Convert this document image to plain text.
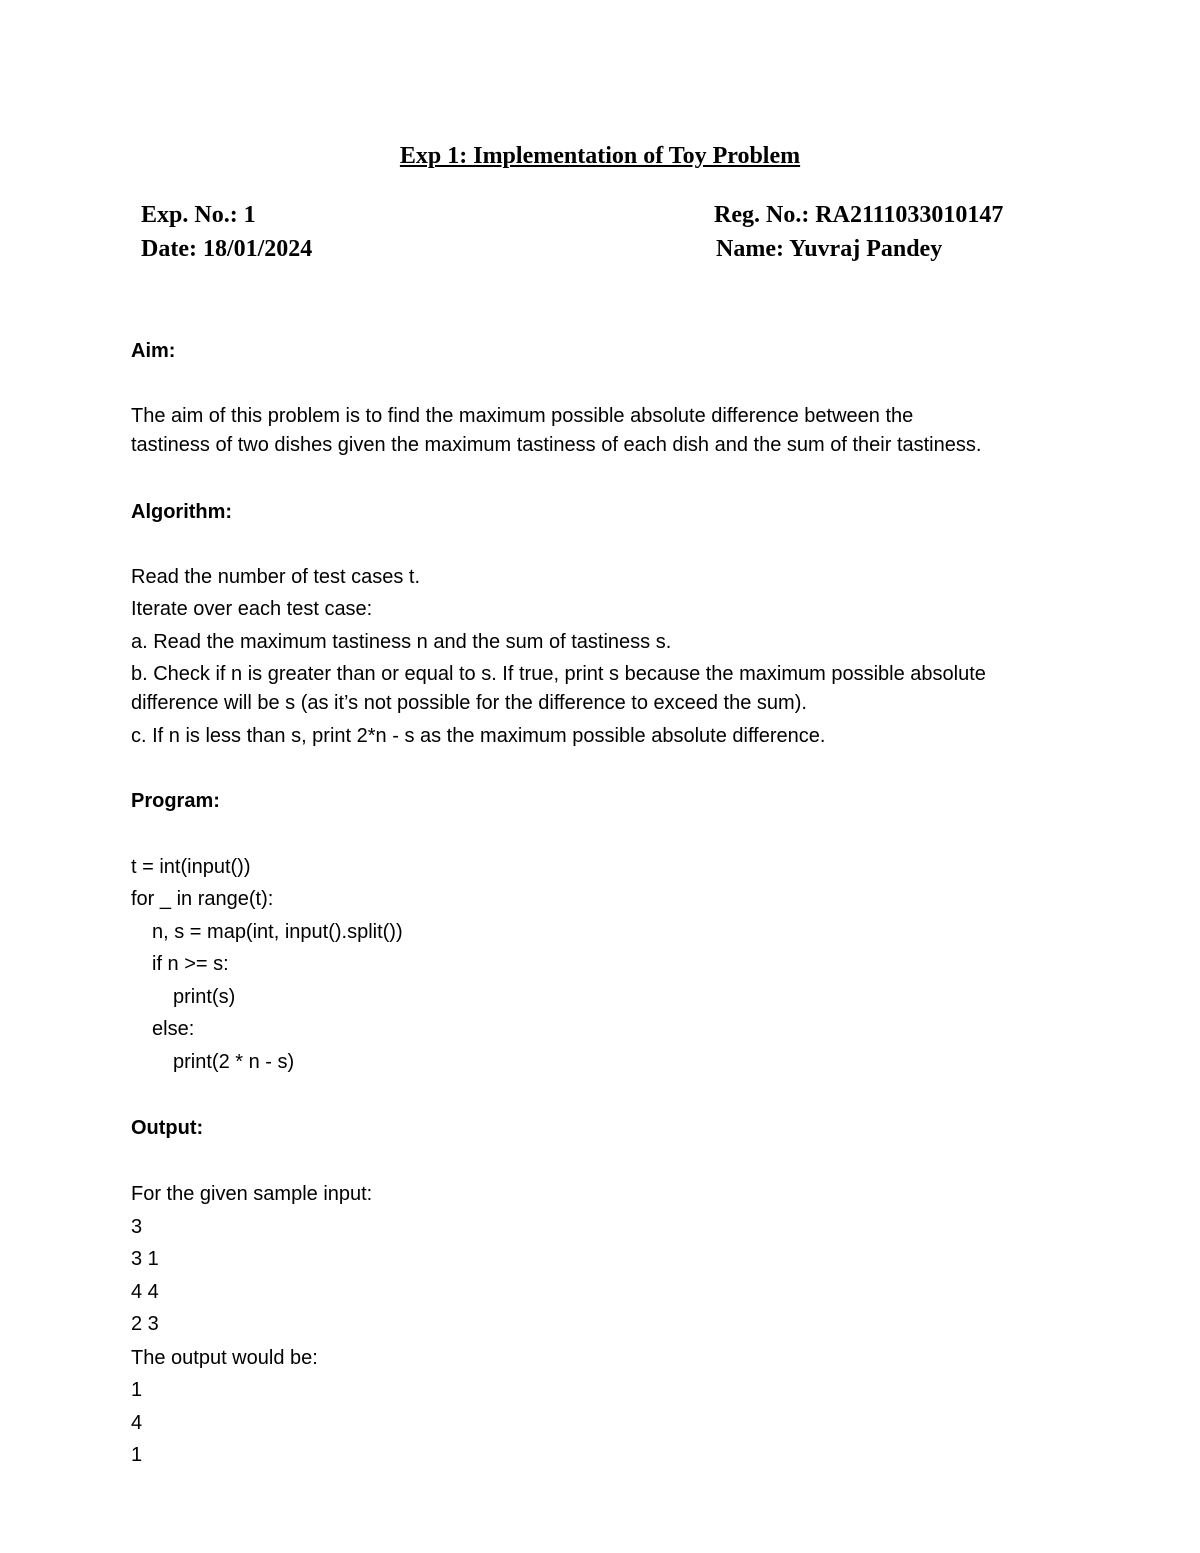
Exp 1: Implementation of Toy Problem
Exp. No.: 1
Date: 18/01/2024
Reg. No.: RA2111033010147
Name: Yuvraj Pandey
Aim:
The aim of this problem is to find the maximum possible absolute difference between the
tastiness of two dishes given the maximum tastiness of each dish and the sum of their tastiness.
Algorithm:
Read the number of test cases t.
Iterate over each test case:
a. Read the maximum tastiness n and the sum of tastiness s.
b. Check if n is greater than or equal to s. If true, print s because the maximum possible absolute
difference will be s (as it’s not possible for the difference to exceed the sum).
c. If n is less than s, print 2*n - s as the maximum possible absolute difference.
Program:
t = int(input())
for _ in range(t):
n, s = map(int, input().split())
if n >= s:
print(s)
else:
print(2 * n - s)
Output:
For the given sample input:
3
3 1
4 4
2 3
The output would be:
1
4
1
